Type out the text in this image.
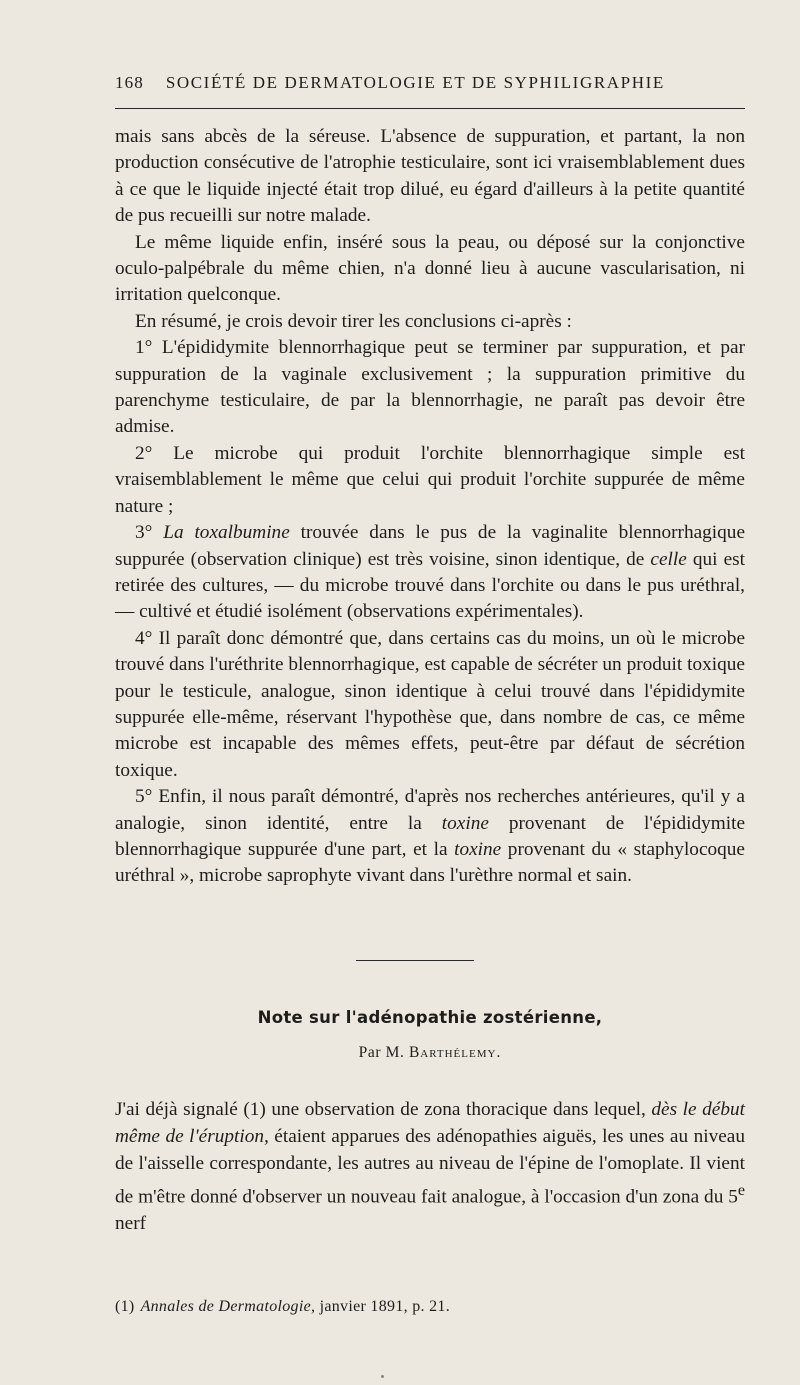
168 SOCIÉTÉ DE DERMATOLOGIE ET DE SYPHILIGRAPHIE

mais sans abcès de la séreuse. L'absence de suppuration, et partant, la non production consécutive de l'atrophie testiculaire, sont ici vraisemblablement dues à ce que le liquide injecté était trop dilué, eu égard d'ailleurs à la petite quantité de pus recueilli sur notre malade.

Le même liquide enfin, inséré sous la peau, ou déposé sur la conjonctive oculo-palpébrale du même chien, n'a donné lieu à aucune vascularisation, ni irritation quelconque.

En résumé, je crois devoir tirer les conclusions ci-après :

1° L'épididymite blennorrhagique peut se terminer par suppuration, et par suppuration de la vaginale exclusivement ; la suppuration primitive du parenchyme testiculaire, de par la blennorrhagie, ne paraît pas devoir être admise.

2° Le microbe qui produit l'orchite blennorrhagique simple est vraisemblablement le même que celui qui produit l'orchite suppurée de même nature ;

3° La toxalbumine trouvée dans le pus de la vaginalite blennorrhagique suppurée (observation clinique) est très voisine, sinon identique, de celle qui est retirée des cultures, — du microbe trouvé dans l'orchite ou dans le pus uréthral, — cultivé et étudié isolément (observations expérimentales).

4° Il paraît donc démontré que, dans certains cas du moins, un où le microbe trouvé dans l'uréthrite blennorrhagique, est capable de sécréter un produit toxique pour le testicule, analogue, sinon identique à celui trouvé dans l'épididymite suppurée elle-même, réservant l'hypothèse que, dans nombre de cas, ce même microbe est incapable des mêmes effets, peut-être par défaut de sécrétion toxique.

5° Enfin, il nous paraît démontré, d'après nos recherches antérieures, qu'il y a analogie, sinon identité, entre la toxine provenant de l'épididymite blennorrhagique suppurée d'une part, et la toxine provenant du « staphylocoque uréthral », microbe saprophyte vivant dans l'urèthre normal et sain.

Note sur l'adénopathie zostérienne,
Par M. Barthélemy.

J'ai déjà signalé (1) une observation de zona thoracique dans lequel, dès le début même de l'éruption, étaient apparues des adénopathies aiguës, les unes au niveau de l'aisselle correspondante, les autres au niveau de l'épine de l'omoplate. Il vient de m'être donné d'observer un nouveau fait analogue, à l'occasion d'un zona du 5e nerf

(1) Annales de Dermatologie, janvier 1891, p. 21.
